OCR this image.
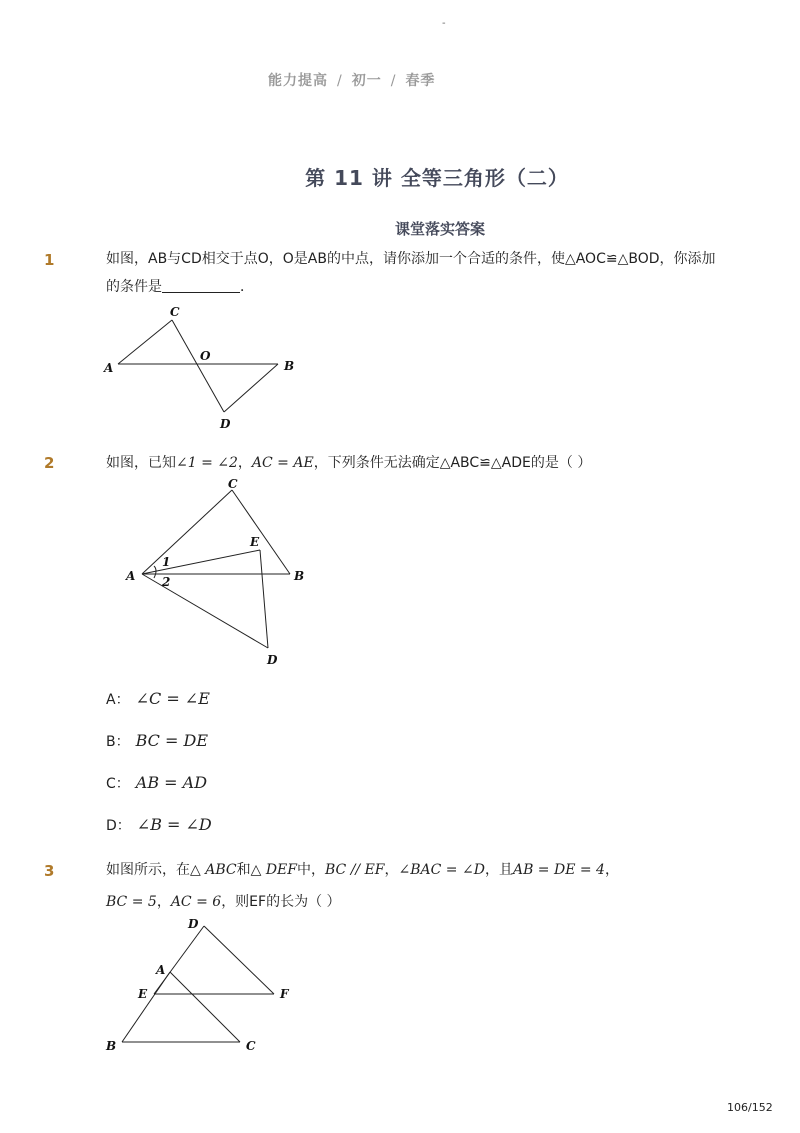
-
能力提高 / 初一 / 春季
第 11 讲 全等三角形（二）
课堂落实答案
1	如图，AB与CD相交于点O，O是AB的中点，请你添加一个合适的条件，使△AOC≌△BOD，你添加
的条件是	．
A	B
C
D
O
2	如图，已知∠1 = ∠2，AC = AE，下列条件无法确定△ABC≌△ADE的是（ ）
A	B
C
D
E
1
2
A： ∠C = ∠E
B： BC = DE
C： AB = AD
D： ∠B = ∠D
3	如图所示，在△ ABC和△ DEF中，BC // EF，∠BAC = ∠D，且AB = DE = 4，
BC = 5，AC = 6，则EF的长为（ ）
D
A
E	F
B	C
106/152
